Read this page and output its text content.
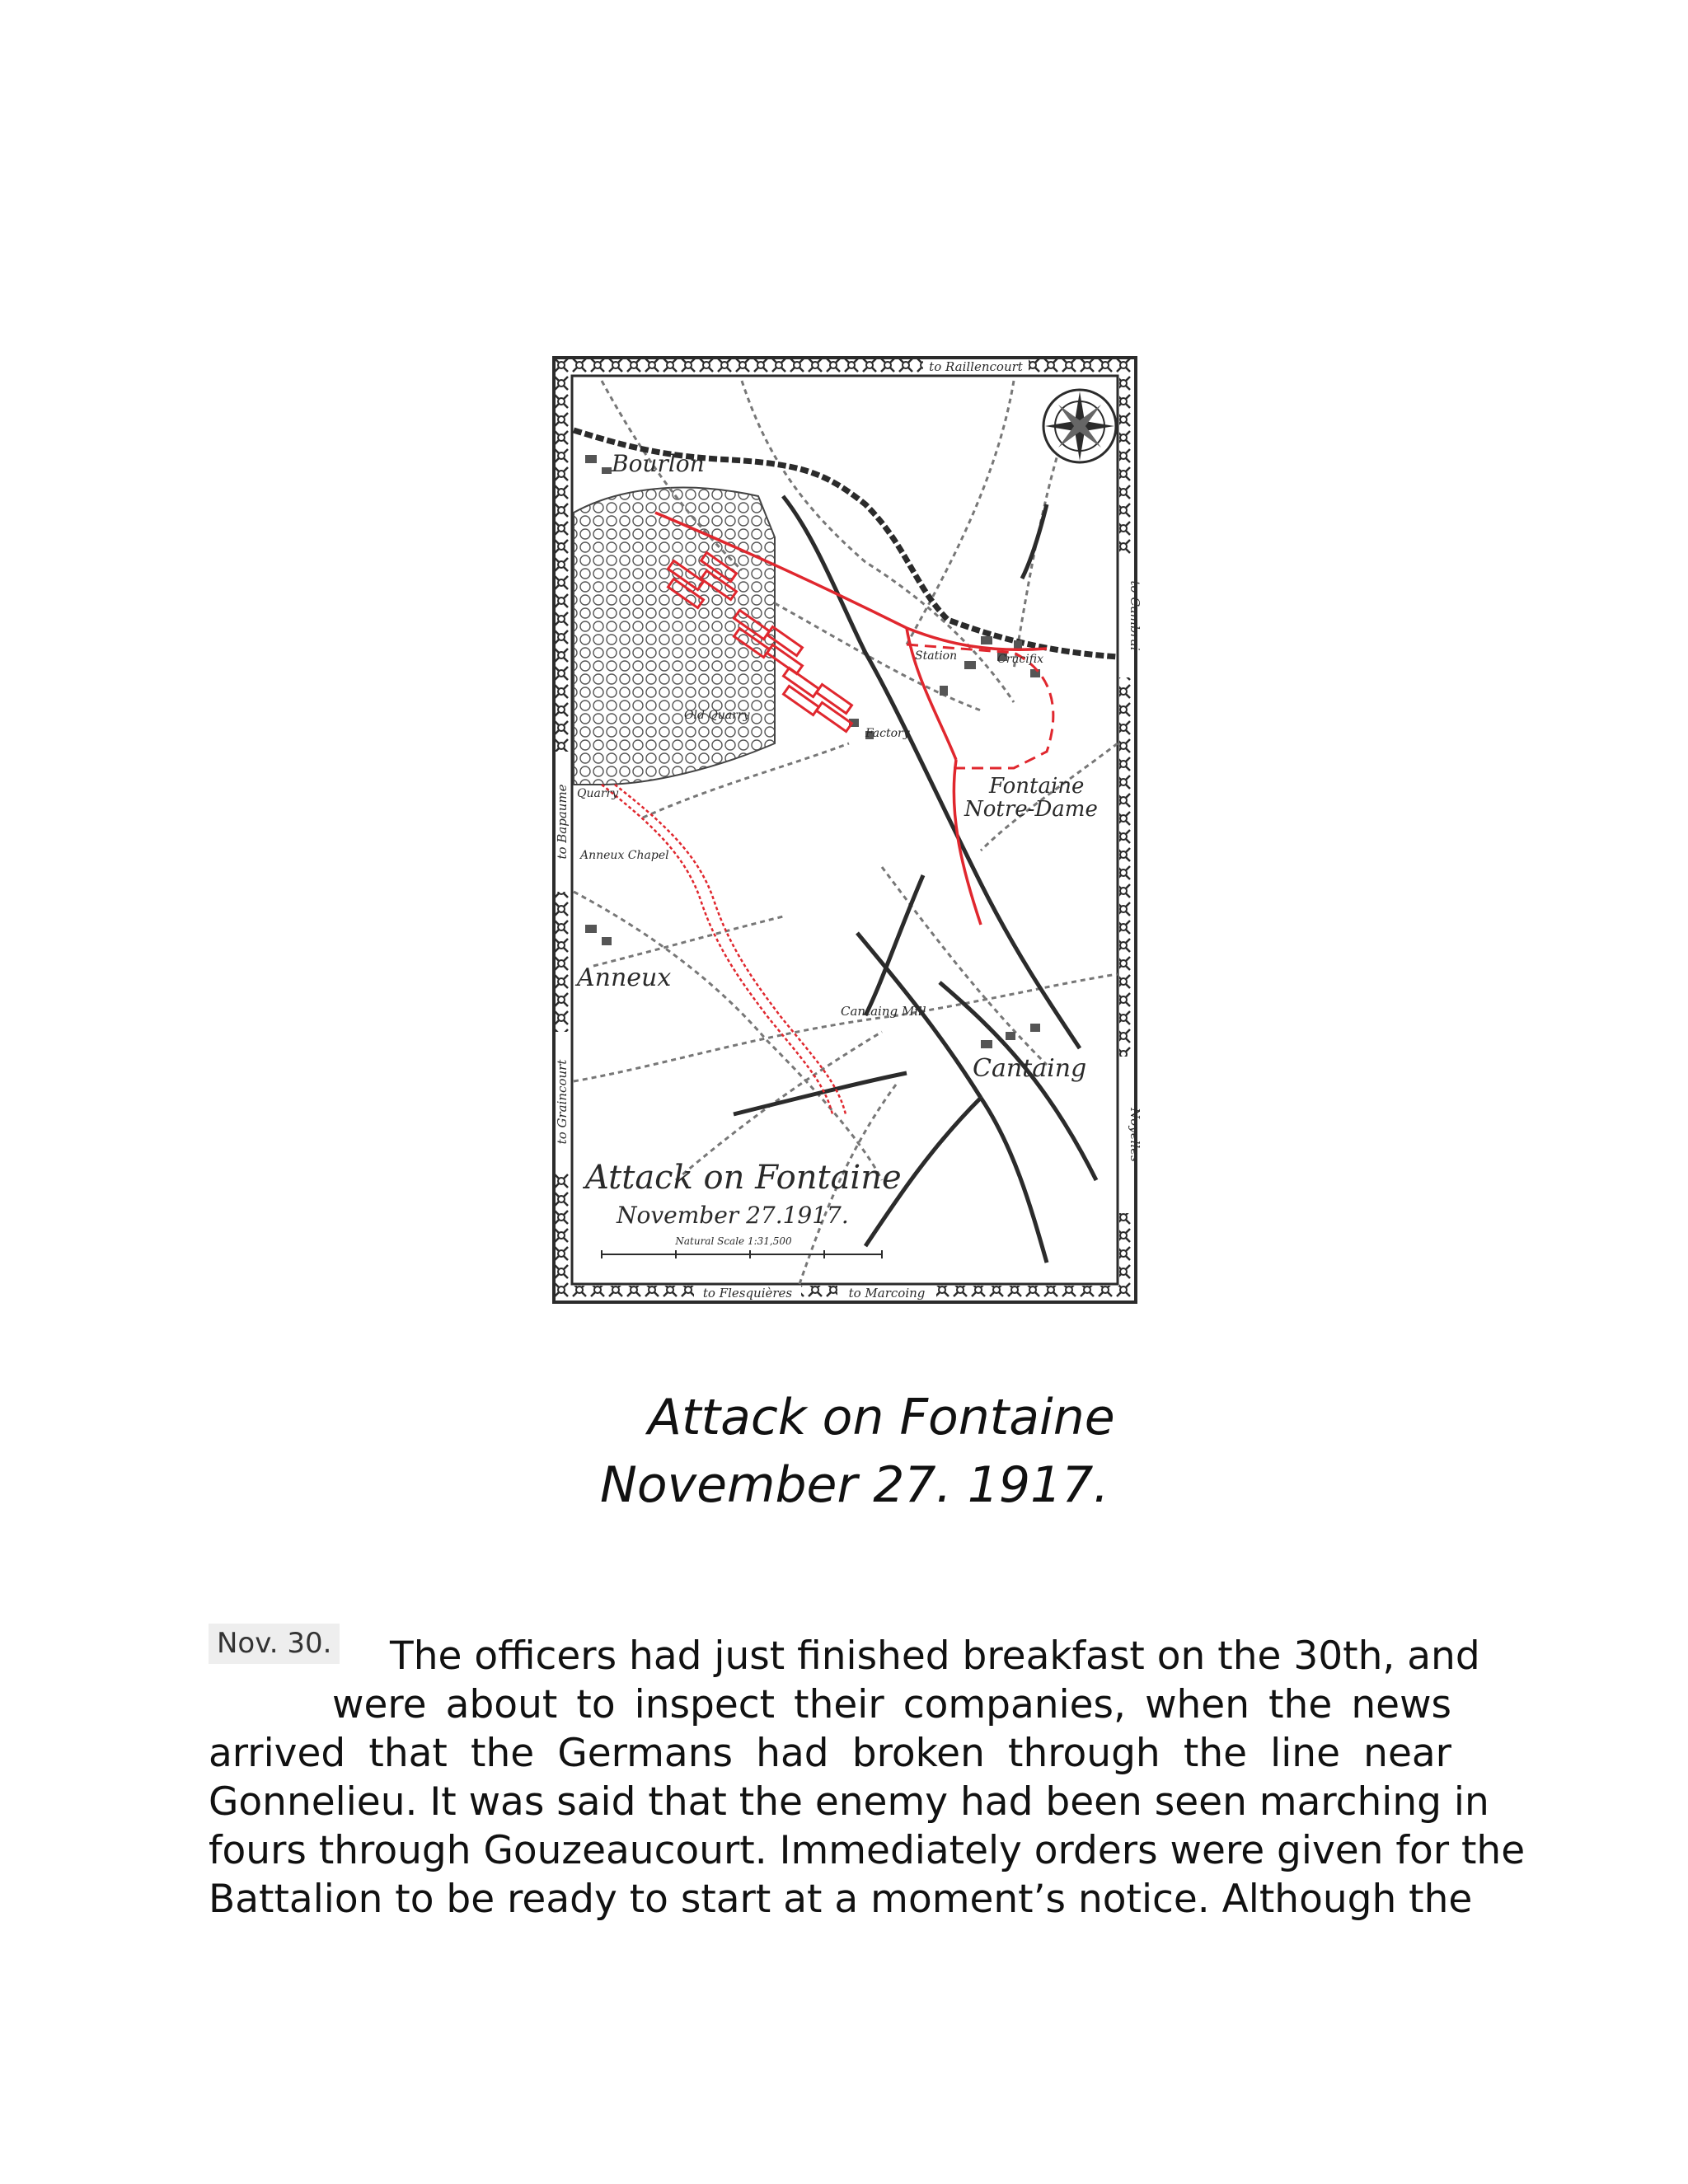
to Raillencourt
to Flesquières	to Marcoing
to Cambrai
Noyelles
to Bapaume
to Graincourt
Bourlon
Station	Crucifix
Factory
Old Quarry
Fontaine
Notre-Dame
Quarry
Anneux Chapel
Anneux
Cantaing Mill
Cantaing
Attack on Fontaine
November 27.1917.
Natural Scale 1:31,500
Attack on Fontaine
November 27. 1917.
Nov. 30.	The officers had just finished breakfast on the 30th, and
were about to inspect their companies, when the news
arrived that the Germans had broken through the line near
Gonnelieu. It was said that the enemy had been seen marching in
fours through Gouzeaucourt. Immediately orders were given for the
Battalion to be ready to start at a moment’s notice. Although the
